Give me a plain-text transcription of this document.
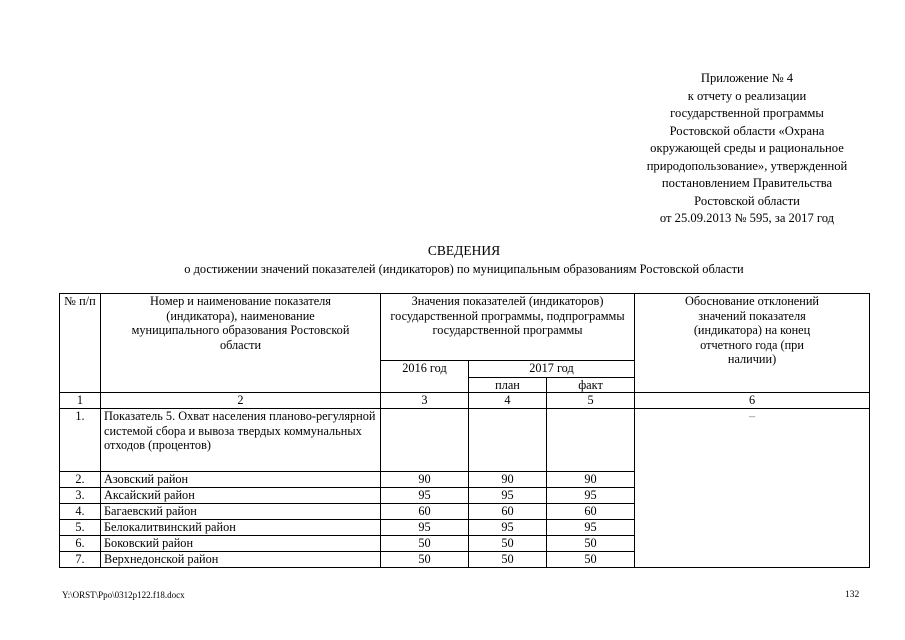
Приложение № 4
к отчету о реализации
государственной программы
Ростовской области «Охрана
окружающей среды и рациональное
природопользование», утвержденной
постановлением Правительства
Ростовской области
от 25.09.2013 № 595, за 2017 год
СВЕДЕНИЯ
о достижении значений показателей (индикаторов) по муниципальным образованиям Ростовской области
№ п/п	Номер и наименование показателя (индикатора), наименование муниципального образования Ростовской области	Значения показателей (индикаторов) государственной программы, подпрограммы государственной программы			Обоснование отклонений значений показателя (индикатора) на конец отчетного года (при наличии)
		2016 год	2017 год		
			план	факт	
1	2	3	4	5	6
1.	Показатель 5. Охват населения планово-регулярной системой сбора и вывоза твердых коммунальных отходов (процентов)				–
2.	Азовский район	90	90	90	
3.	Аксайский район	95	95	95	
4.	Багаевский район	60	60	60	
5.	Белокалитвинский район	95	95	95	
6.	Боковский район	50	50	50	
7.	Верхнедонской район	50	50	50	
Y:\ORST\Ppo\0312p122.f18.docx	132
